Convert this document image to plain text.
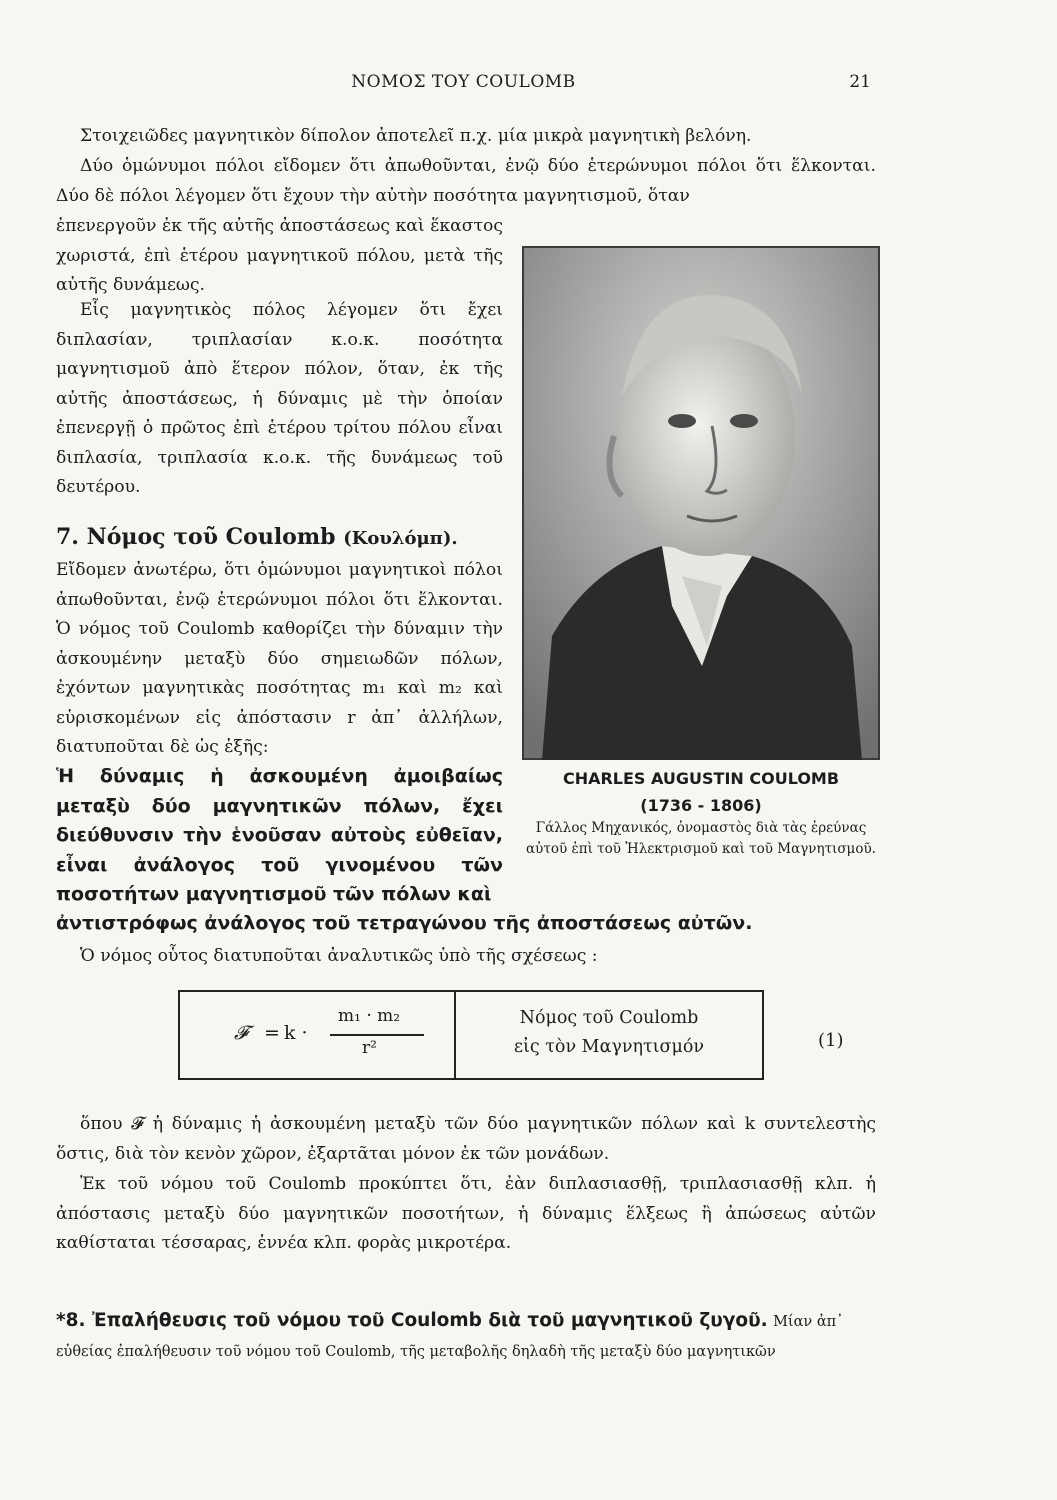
ΝΟΜΟΣ ΤΟΥ COULOMB	21
Στοιχειῶδες μαγνητικὸν δίπολον ἀποτελεῖ π.χ. μία μικρὰ μαγνητικὴ βελόνη.
Δύο ὁμώνυμοι πόλοι εἴδομεν ὅτι ἀπωθοῦνται, ἐνῷ δύο ἑτερώνυμοι πόλοι ὅτι ἕλκονται. Δύο δὲ πόλοι λέγομεν ὅτι ἔχουν τὴν αὐτὴν ποσότητα μαγνητισμοῦ, ὅταν
ἐπενεργοῦν ἐκ τῆς αὐτῆς ἀποστάσεως καὶ ἕκαστος χωριστά, ἐπὶ ἑτέρου μαγνητικοῦ πόλου, μετὰ τῆς αὐτῆς δυνάμεως.
Εἷς μαγνητικὸς πόλος λέγομεν ὅτι ἔχει διπλασίαν, τριπλασίαν κ.ο.κ. ποσότητα μαγνητισμοῦ ἀπὸ ἕτερον πόλον, ὅταν, ἐκ τῆς αὐτῆς ἀποστάσεως, ἡ δύναμις μὲ τὴν ὁποίαν ἐπενεργῇ ὁ πρῶτος ἐπὶ ἑτέρου τρίτου πόλου εἶναι διπλασία, τριπλασία κ.ο.κ. τῆς δυνάμεως τοῦ δευτέρου.
7. Νόμος τοῦ Coulomb (Κουλόμπ).
Εἴδομεν ἀνωτέρω, ὅτι ὁμώνυμοι μαγνητικοὶ πόλοι ἀπωθοῦνται, ἐνῷ ἑτερώνυμοι πόλοι ὅτι ἕλκονται. Ὁ νόμος τοῦ Coulomb καθορίζει τὴν δύναμιν τὴν ἀσκουμένην μεταξὺ δύο σημειωδῶν πόλων, ἐχόντων μαγνητικὰς ποσότητας m₁ καὶ m₂ καὶ εὑρισκομένων εἰς ἀπόστασιν r ἀπ᾽ ἀλλήλων, διατυποῦται δὲ ὡς ἑξῆς:
Ἡ δύναμις ἡ ἀσκουμένη ἀμοιβαίως μεταξὺ δύο μαγνητικῶν πόλων, ἔχει διεύθυνσιν τὴν ἑνοῦσαν αὐτοὺς εὐθεῖαν, εἶναι ἀνάλογος τοῦ γινομένου τῶν ποσοτήτων μαγνητισμοῦ τῶν πόλων καὶ
ἀντιστρόφως ἀνάλογος τοῦ τετραγώνου τῆς ἀποστάσεως αὐτῶν.
CHARLES AUGUSTIN COULOMB
(1736 - 1806)
Γάλλος Μηχανικός, ὀνομαστὸς διὰ τὰς ἐρεύνας αὐτοῦ ἐπὶ τοῦ Ἠλεκτρισμοῦ καὶ τοῦ Μαγνητισμοῦ.
Ὁ νόμος οὗτος διατυποῦται ἀναλυτικῶς ὑπὸ τῆς σχέσεως :
𝓕 = k ·
m₁ · m₂
r²
Νόμος τοῦ Coulomb
εἰς τὸν Μαγνητισμόν	(1)
ὅπου 𝓕 ἡ δύναμις ἡ ἀσκουμένη μεταξὺ τῶν δύο μαγνητικῶν πόλων καὶ k συντελεστὴς ὅστις, διὰ τὸν κενὸν χῶρον, ἐξαρτᾶται μόνον ἐκ τῶν μονάδων.
Ἐκ τοῦ νόμου τοῦ Coulomb προκύπτει ὅτι, ἐὰν διπλασιασθῇ, τριπλασιασθῇ κλπ. ἡ ἀπόστασις μεταξὺ δύο μαγνητικῶν ποσοτήτων, ἡ δύναμις ἕλξεως ἢ ἀπώσεως αὐτῶν καθίσταται τέσσαρας, ἐννέα κλπ. φορὰς μικροτέρα.
*8. Ἐπαλήθευσις τοῦ νόμου τοῦ Coulomb διὰ τοῦ μαγνητικοῦ ζυγοῦ. Μίαν ἀπ᾽
εὐθείας ἐπαλήθευσιν τοῦ νόμου τοῦ Coulomb, τῆς μεταβολῆς δηλαδὴ τῆς μεταξὺ δύο μαγνητικῶν
